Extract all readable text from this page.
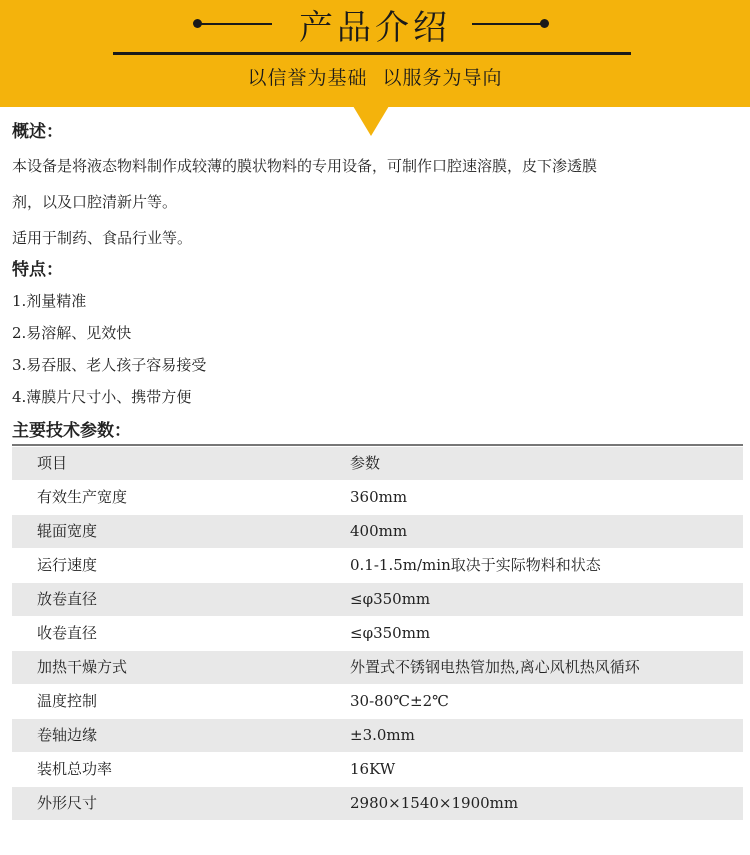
产品介绍
以信誉为基础 以服务为导向
概述：
本设备是将液态物料制作成较薄的膜状物料的专用设备，可制作口腔速溶膜，皮下渗透膜
剂，以及口腔清新片等。
适用于制药、食品行业等。
特点：
1.剂量精准
2.易溶解、见效快
3.易吞服、老人孩子容易接受
4.薄膜片尺寸小、携带方便
主要技术参数：
项目	参数
有效生产宽度	360mm
辊面宽度	400mm
运行速度	0.1-1.5m/min取决于实际物料和状态
放卷直径	≤φ350mm
收卷直径	≤φ350mm
加热干燥方式	外置式不锈钢电热管加热,离心风机热风循环
温度控制	30-80℃±2℃
卷轴边缘	±3.0mm
装机总功率	16KW
外形尺寸	2980×1540×1900mm
